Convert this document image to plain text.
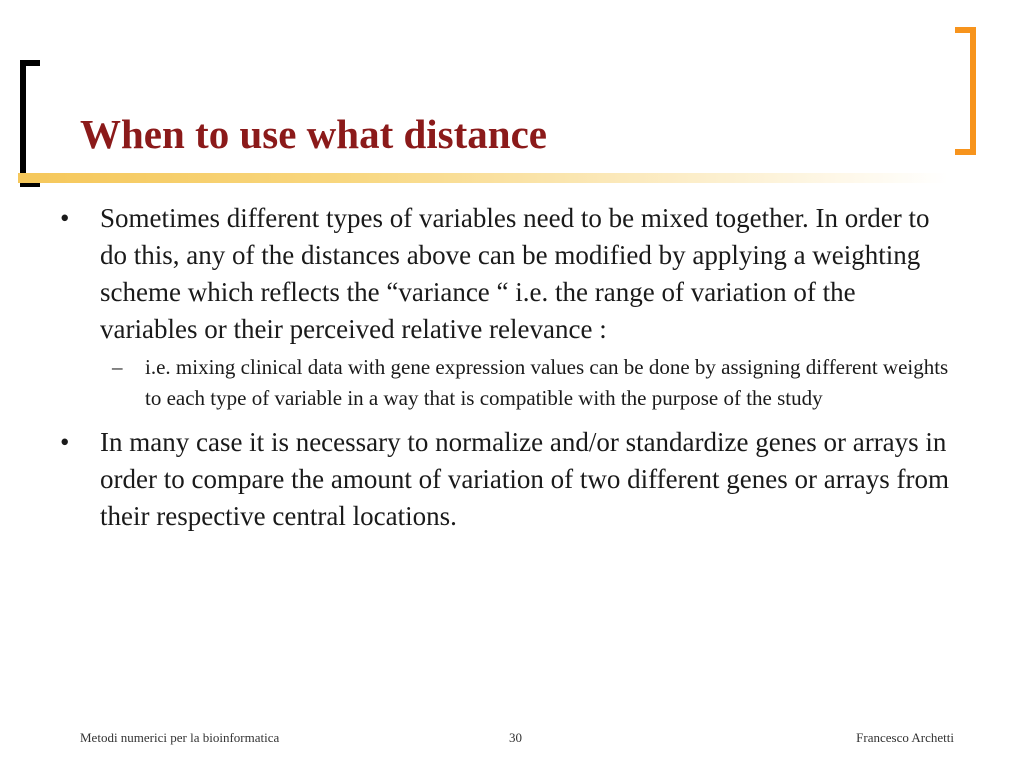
When to use what distance
•	Sometimes different types of variables need to be mixed together. In order to do this, any of the distances above can be modified by applying a weighting scheme which reflects the “variance “ i.e. the range of variation of the variables or their perceived relative relevance :
– i.e. mixing clinical data with gene expression values can be done by assigning different weights to each type of variable in a way that is compatible with the purpose of the study
•	In many case it is necessary to normalize and/or standardize genes or arrays in order to compare the amount of variation of two different genes or arrays from their respective central locations.
Metodi numerici per la bioinformatica	30	Francesco Archetti
